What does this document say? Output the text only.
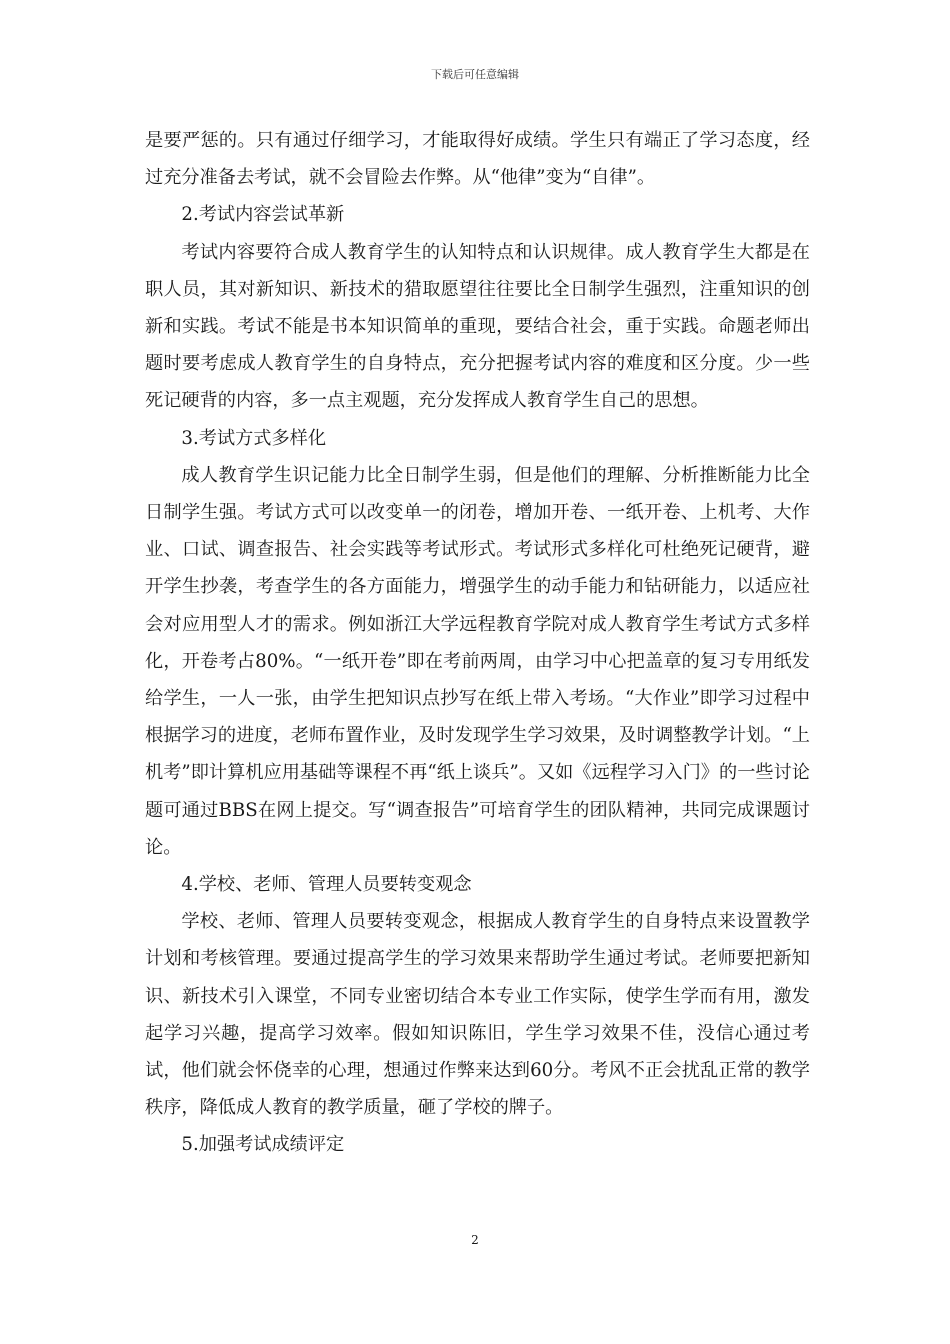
下载后可任意编辑

是要严惩的。只有通过仔细学习，才能取得好成绩。学生只有端正了学习态度，经过充分准备去考试，就不会冒险去作弊。从“他律”变为“自律”。

2.考试内容尝试革新

考试内容要符合成人教育学生的认知特点和认识规律。成人教育学生大都是在职人员，其对新知识、新技术的猎取愿望往往要比全日制学生强烈，注重知识的创新和实践。考试不能是书本知识简单的重现，要结合社会，重于实践。命题老师出题时要考虑成人教育学生的自身特点，充分把握考试内容的难度和区分度。少一些死记硬背的内容，多一点主观题，充分发挥成人教育学生自己的思想。

3.考试方式多样化

成人教育学生识记能力比全日制学生弱，但是他们的理解、分析推断能力比全日制学生强。考试方式可以改变单一的闭卷，增加开卷、一纸开卷、上机考、大作业、口试、调查报告、社会实践等考试形式。考试形式多样化可杜绝死记硬背，避开学生抄袭，考查学生的各方面能力，增强学生的动手能力和钻研能力，以适应社会对应用型人才的需求。例如浙江大学远程教育学院对成人教育学生考试方式多样化，开卷考占80%。“一纸开卷”即在考前两周，由学习中心把盖章的复习专用纸发给学生，一人一张，由学生把知识点抄写在纸上带入考场。“大作业”即学习过程中根据学习的进度，老师布置作业，及时发现学生学习效果，及时调整教学计划。“上机考”即计算机应用基础等课程不再“纸上谈兵”。又如《远程学习入门》的一些讨论题可通过BBS在网上提交。写“调查报告”可培育学生的团队精神，共同完成课题讨论。

4.学校、老师、管理人员要转变观念

学校、老师、管理人员要转变观念，根据成人教育学生的自身特点来设置教学计划和考核管理。要通过提高学生的学习效果来帮助学生通过考试。老师要把新知识、新技术引入课堂，不同专业密切结合本专业工作实际，使学生学而有用，激发起学习兴趣，提高学习效率。假如知识陈旧，学生学习效果不佳，没信心通过考试，他们就会怀侥幸的心理，想通过作弊来达到60分。考风不正会扰乱正常的教学秩序，降低成人教育的教学质量，砸了学校的牌子。

5.加强考试成绩评定

2
